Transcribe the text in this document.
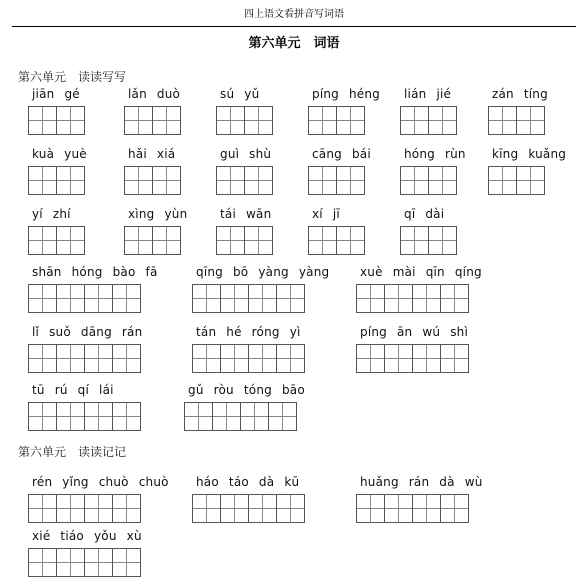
四上语文看拼音写词语
第六单元　词语
第六单元　读读写写
第六单元　读读记记
jiān gé	lǎn duò	sú yǔ	píng héng	lián jié	zán tíng
kuà yuè	hǎi xiá	guì shù	cāng bái	hóng rùn	kīng kuǎng
yí zhí	xìng yùn	tái wān	xí jī	qī dài
shān hóng bào fā	qīng bō yàng yàng	xuè mài qīn qíng
lǐ suǒ dāng rán	tán hé róng yì	píng ān wú shì
tū rú qí lái	gǔ ròu tóng bāo
rén yǐng chuò chuò	háo táo dà kū	huǎng rán dà wù
xié tiáo yǒu xù
